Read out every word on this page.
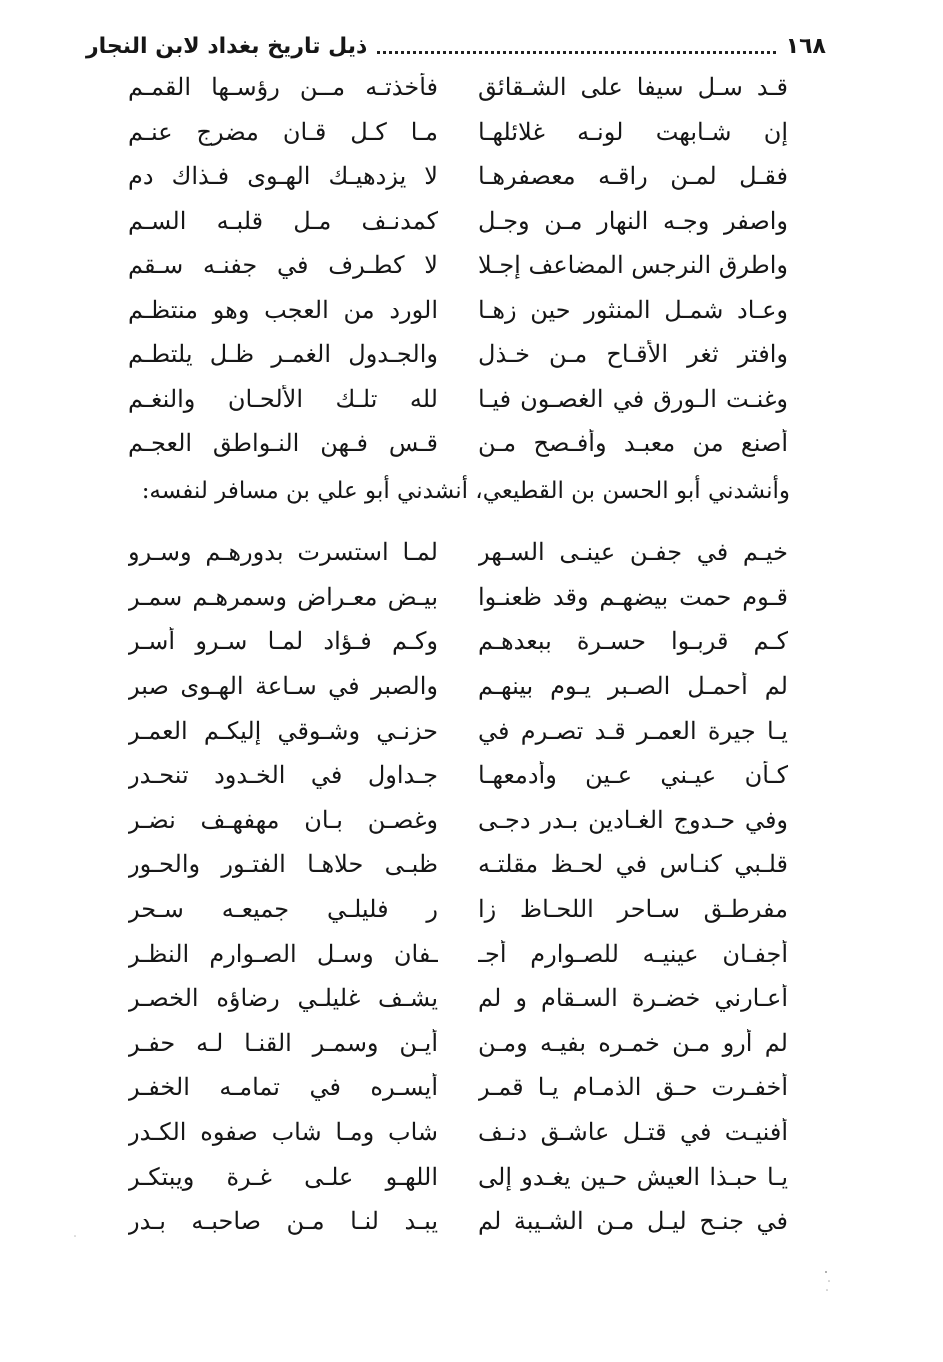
١٦٨
ذيل تاريخ بغداد لابن النجار
قـد سـل سيفا على الشـقائق
فأخذتـه مــن رؤسـها القمـم
إن شـابهت لونـه غلائلهـا
مـا كـل قـان مضرج عنـم
فقـل لمـن راقـه معصفرهـا
لا يزدهيـك الهـوى فـذاك دم
واصفر وجـه النهار مـن وجـل
كمدنـف مـل قلبـه السـم
واطرق النرجس المضاعف إجـلا
لا كطـرف في جفنـه سـقم
وعـاد شمـل المنثور حين زهـا
الورد من العجب وهو منتظـم
وافتر ثغر الأقـاح مـن خـذل
والجـدول الغمـر ظـل يلتطـم
وغنـت الـورق في الغصـون فيـا
لله تلـك الألحـان والنغـم
أصنع من معبـد وأفـصح مـن
قـس فـهن النـواطق العجـم
وأنشدني أبو الحسن بن القطيعي، أنشدني أبو علي بن مسافر لنفسه:
خيـم في جفـن عينـى السـهر
لمـا استسرت بدورهـم وسـرو
قـوم حمت بيضهـم وقد ظعنـوا
بيـض معـراض وسمرهـم سمـر
كـم قربـوا حسـرة ببعدهـم
وكـم فـؤاد لمـا سـرو أسـر
لم أحمـل الصـبر يـوم بينهـم
والصبر في سـاعة الهـوى صبر
يـا جيرة العمـر قـد تصـرم في
حزنـي وشـوقي إليكـم العمـر
كـأن عيـني عـين وأدمعهـا
جـداول في الخـدود تنحـدر
وفي حـدوج الغـادين بـدر دجـى
وغصـن بـان مهفهـف نضـر
قلـبي كنـاس في لحـظ مقلتـه
ظبـى حلاهـا الفتـور والحـور
مفرطـق سـاحر اللحـاظ زا
ر فليلـي جميعـه سـحر
أجفـان عينيـه للصـوارم أجـ
ـفان وسـل الصـوارم النظـر
أعـارني خضـرة السـقام و لم
يشـف غليلـي رضاؤه الخصـر
لم أرو مـن خمـره بفيـه ومـن
أيـن وسمـر القنـا لـه حفـر
أخفـرت حـق الذمـام يـا قمـر
أيسـره في تمامـه الخفـر
أفنيـت في قتـل عاشـق دنـف
شاب ومـا شاب صفوه الكـدر
يـا حبـذا العيش حـين يغـدو إلى
اللهـو علـى غـرة ويبتكـر
في جنـح ليـل مـن الشـيبة لم
يبـد لنـا مـن صاحبـه بـدر
